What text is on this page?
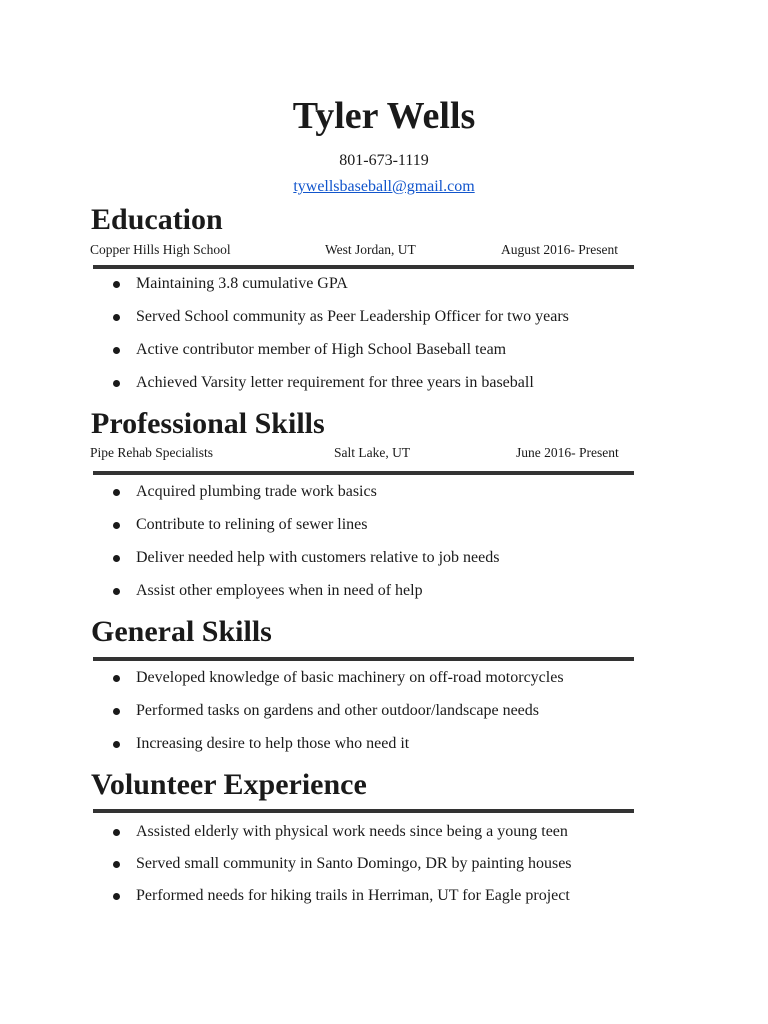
Tyler Wells
801-673-1119
tywellsbaseball@gmail.com
Education
Copper Hills High School	West Jordan, UT	August 2016- Present
Maintaining 3.8 cumulative GPA
Served School community as Peer Leadership Officer for two years
Active contributor member of High School Baseball team
Achieved Varsity letter requirement for three years in baseball
Professional Skills
Pipe Rehab Specialists	Salt Lake, UT	June 2016- Present
Acquired plumbing trade work basics
Contribute to relining of sewer lines
Deliver needed help with customers relative to job needs
Assist other employees when in need of help
General Skills
Developed knowledge of basic machinery on off-road motorcycles
Performed tasks on gardens and other outdoor/landscape needs
Increasing desire to help those who need it
Volunteer Experience
Assisted elderly with physical work needs since being a young teen
Served small community in Santo Domingo, DR by painting houses
Performed needs for hiking trails in Herriman, UT for Eagle project
